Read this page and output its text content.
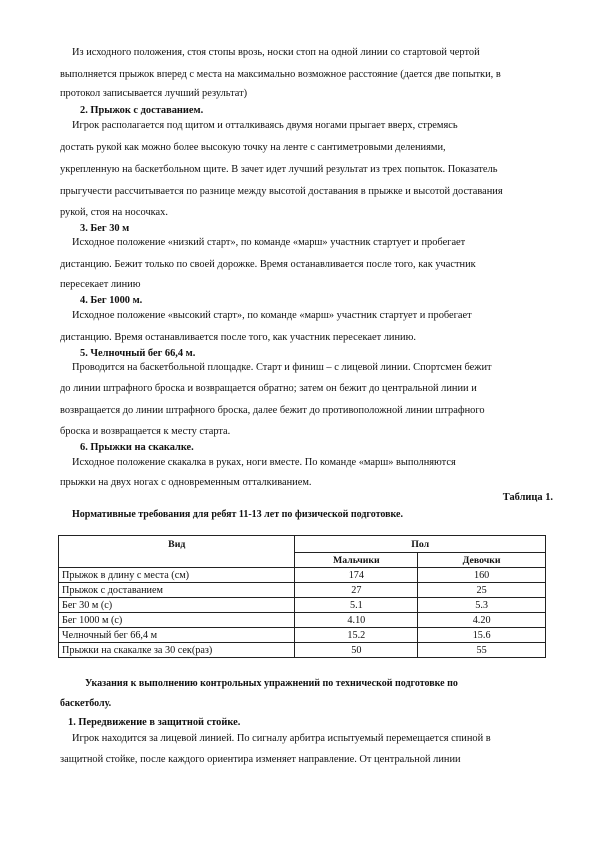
Из исходного положения, стоя стопы врозь, носки стоп на одной линии со стартовой чертой
выполняется прыжок вперед с места на максимально возможное расстояние (дается две попытки, в
протокол записывается лучший результат)
2. Прыжок с доставанием.
Игрок располагается под щитом и отталкиваясь двумя ногами прыгает вверх, стремясь
достать рукой как можно более высокую точку на ленте с сантиметровыми делениями,
укрепленную на баскетбольном щите. В зачет идет лучший результат из трех попыток. Показатель
прыгучести рассчитывается по разнице между высотой доставания в прыжке и высотой доставания
рукой, стоя на носочках.
3. Бег 30 м
Исходное положение «низкий старт», по команде «марш» участник стартует и пробегает
дистанцию. Бежит только по своей дорожке. Время останавливается после того, как участник
пересекает линию
4. Бег 1000 м.
Исходное положение «высокий старт», по команде «марш» участник стартует и пробегает
дистанцию. Время останавливается после того, как участник пересекает линию.
5. Челночный бег 66,4 м.
Проводится на баскетбольной площадке. Старт и финиш – с лицевой линии. Спортсмен бежит
до линии штрафного броска и возвращается обратно; затем он бежит до центральной линии и
возвращается до линии штрафного броска, далее бежит до противоположной линии штрафного
броска и возвращается к месту старта.
6. Прыжки на скакалке.
Исходное положение скакалка в руках, ноги вместе. По команде «марш» выполняются
прыжки на двух ногах с одновременным отталкиванием.
Таблица 1.
Нормативные требования для ребят 11-13 лет по физической подготовке.
Вид	Пол	
	Мальчики	Девочки
Прыжок в длину с места (см)	174	160
Прыжок с доставанием	27	25
Бег 30 м (с)	5.1	5.3
Бег 1000 м (с)	4.10	4.20
Челночный бег 66,4 м	15.2	15.6
Прыжки на скакалке за 30 сек(раз)	50	55
Указания к выполнению контрольных упражнений по технической подготовке по
баскетболу.
1. Передвижение в защитной стойке.
Игрок находится за лицевой линией. По сигналу арбитра испытуемый перемещается спиной в
защитной стойке, после каждого ориентира изменяет направление. От центральной линии
